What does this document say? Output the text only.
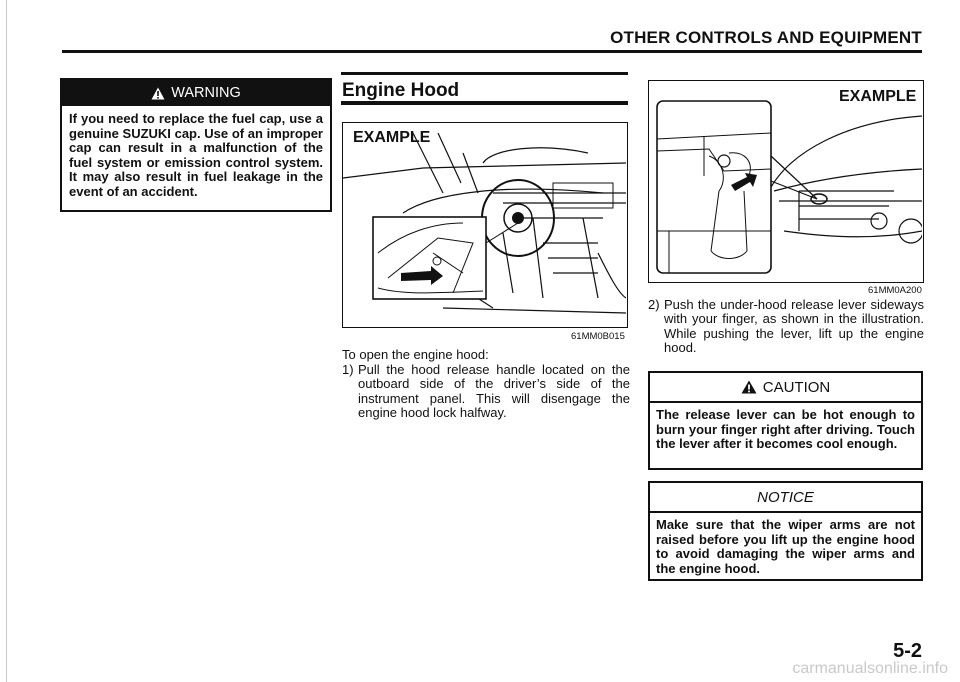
OTHER CONTROLS AND EQUIPMENT
WARNING
If you need to replace the fuel cap, use a genuine SUZUKI cap. Use of an improper cap can result in a malfunction of the fuel system or emission control system. It may also result in fuel leakage in the event of an accident.
Engine Hood
EXAMPLE
61MM0B015
EXAMPLE
61MM0A200
To open the engine hood:
1) Pull the hood release handle located on the outboard side of the driver’s side of the instrument panel. This will disengage the engine hood lock halfway.
2) Push the under-hood release lever sideways with your finger, as shown in the illustration. While pushing the lever, lift up the engine hood.
CAUTION
The release lever can be hot enough to burn your finger right after driving. Touch the lever after it becomes cool enough.
NOTICE
Make sure that the wiper arms are not raised before you lift up the engine hood to avoid damaging the wiper arms and the engine hood.
5-2
carmanualsonline.info
